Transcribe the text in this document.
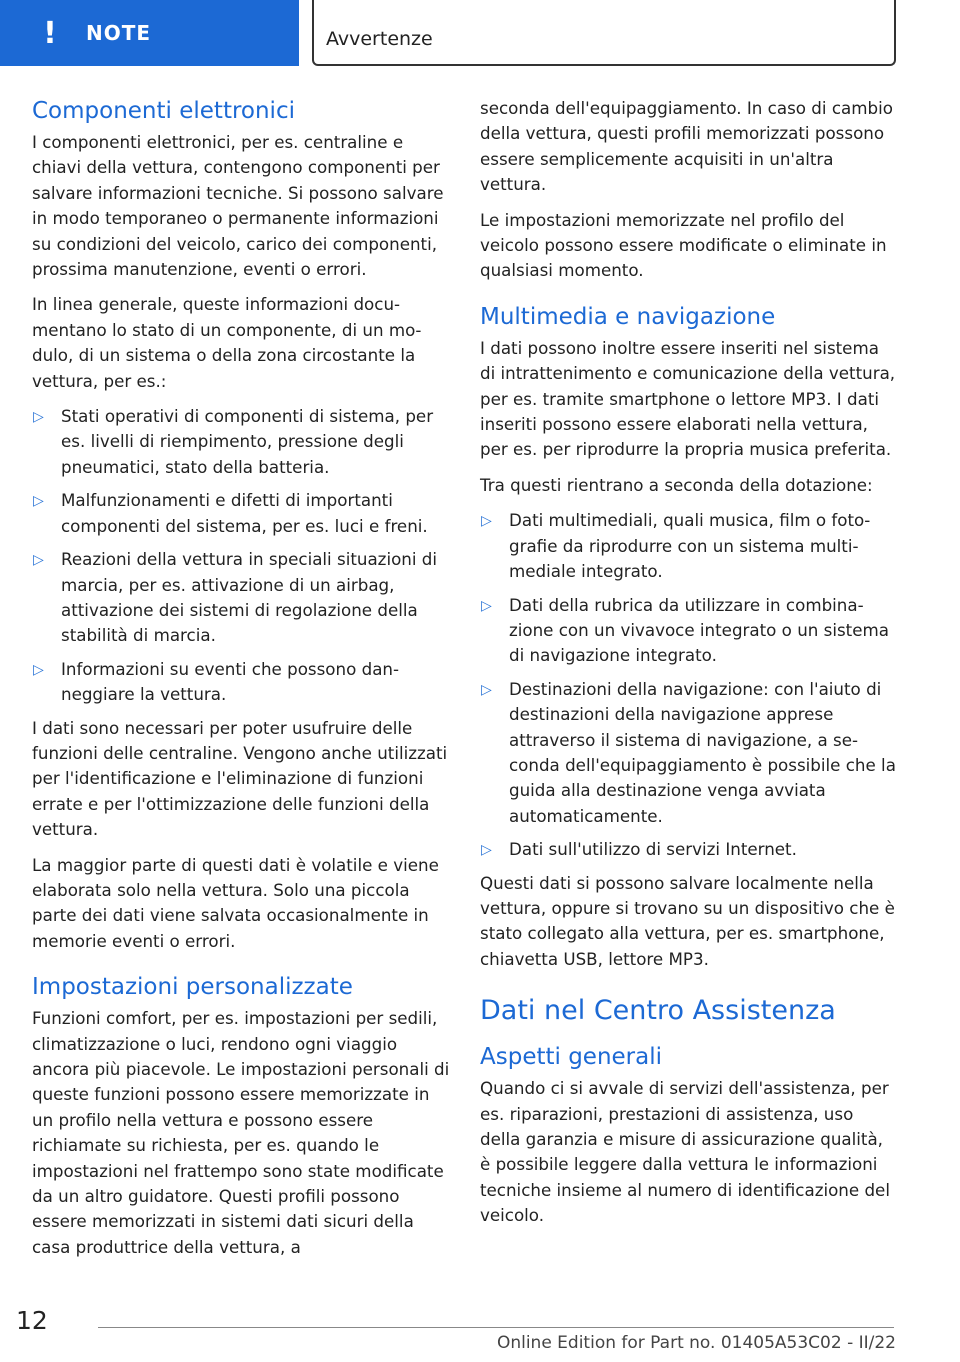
! NOTE	Avvertenze
Componenti elettronici

I componenti elettronici, per es. centraline e chiavi della vettura, contengono componenti per salvare informazioni tecniche. Si possono salvare in modo temporaneo o permanente informazioni su condizioni del veicolo, carico dei componenti, prossima manutenzione, eventi o errori.

In linea generale, queste informazioni documentano lo stato di un componente, di un modulo, di un sistema o della zona circostante la vettura, per es.:

▷ Stati operativi di componenti di sistema, per es. livelli di riempimento, pressione degli pneumatici, stato della batteria.
▷ Malfunzionamenti e difetti di importanti componenti del sistema, per es. luci e freni.
▷ Reazioni della vettura in speciali situazioni di marcia, per es. attivazione di un airbag, attivazione dei sistemi di regolazione della stabilità di marcia.
▷ Informazioni su eventi che possono danneggiare la vettura.

I dati sono necessari per poter usufruire delle funzioni delle centraline. Vengono anche utilizzati per l'identificazione e l'eliminazione di funzioni errate e per l'ottimizzazione delle funzioni della vettura.

La maggior parte di questi dati è volatile e viene elaborata solo nella vettura. Solo una piccola parte dei dati viene salvata occasionalmente in memorie eventi o errori.

Impostazioni personalizzate

Funzioni comfort, per es. impostazioni per sedili, climatizzazione o luci, rendono ogni viaggio ancora più piacevole. Le impostazioni personali di queste funzioni possono essere memorizzate in un profilo nella vettura e possono essere richiamate su richiesta, per es. quando le impostazioni nel frattempo sono state modificate da un altro guidatore. Questi profili possono essere memorizzati in sistemi dati sicuri della casa produttrice della vettura, a

seconda dell'equipaggiamento. In caso di cambio della vettura, questi profili memorizzati possono essere semplicemente acquisiti in un'altra vettura.

Le impostazioni memorizzate nel profilo del veicolo possono essere modificate o eliminate in qualsiasi momento.

Multimedia e navigazione

I dati possono inoltre essere inseriti nel sistema di intrattenimento e comunicazione della vettura, per es. tramite smartphone o lettore MP3. I dati inseriti possono essere elaborati nella vettura, per es. per riprodurre la propria musica preferita.

Tra questi rientrano a seconda della dotazione:

▷ Dati multimediali, quali musica, film o fotografie da riprodurre con un sistema multimediale integrato.
▷ Dati della rubrica da utilizzare in combinazione con un vivavoce integrato o un sistema di navigazione integrato.
▷ Destinazioni della navigazione: con l'aiuto di destinazioni della navigazione apprese attraverso il sistema di navigazione, a seconda dell'equipaggiamento è possibile che la guida alla destinazione venga avviata automaticamente.
▷ Dati sull'utilizzo di servizi Internet.

Questi dati si possono salvare localmente nella vettura, oppure si trovano su un dispositivo che è stato collegato alla vettura, per es. smartphone, chiavetta USB, lettore MP3.

Dati nel Centro Assistenza
Aspetti generali

Quando ci si avvale di servizi dell'assistenza, per es. riparazioni, prestazioni di assistenza, uso della garanzia e misure di assicurazione qualità, è possibile leggere dalla vettura le informazioni tecniche insieme al numero di identificazione del veicolo.

12
Online Edition for Part no. 01405A53C02 - II/22
